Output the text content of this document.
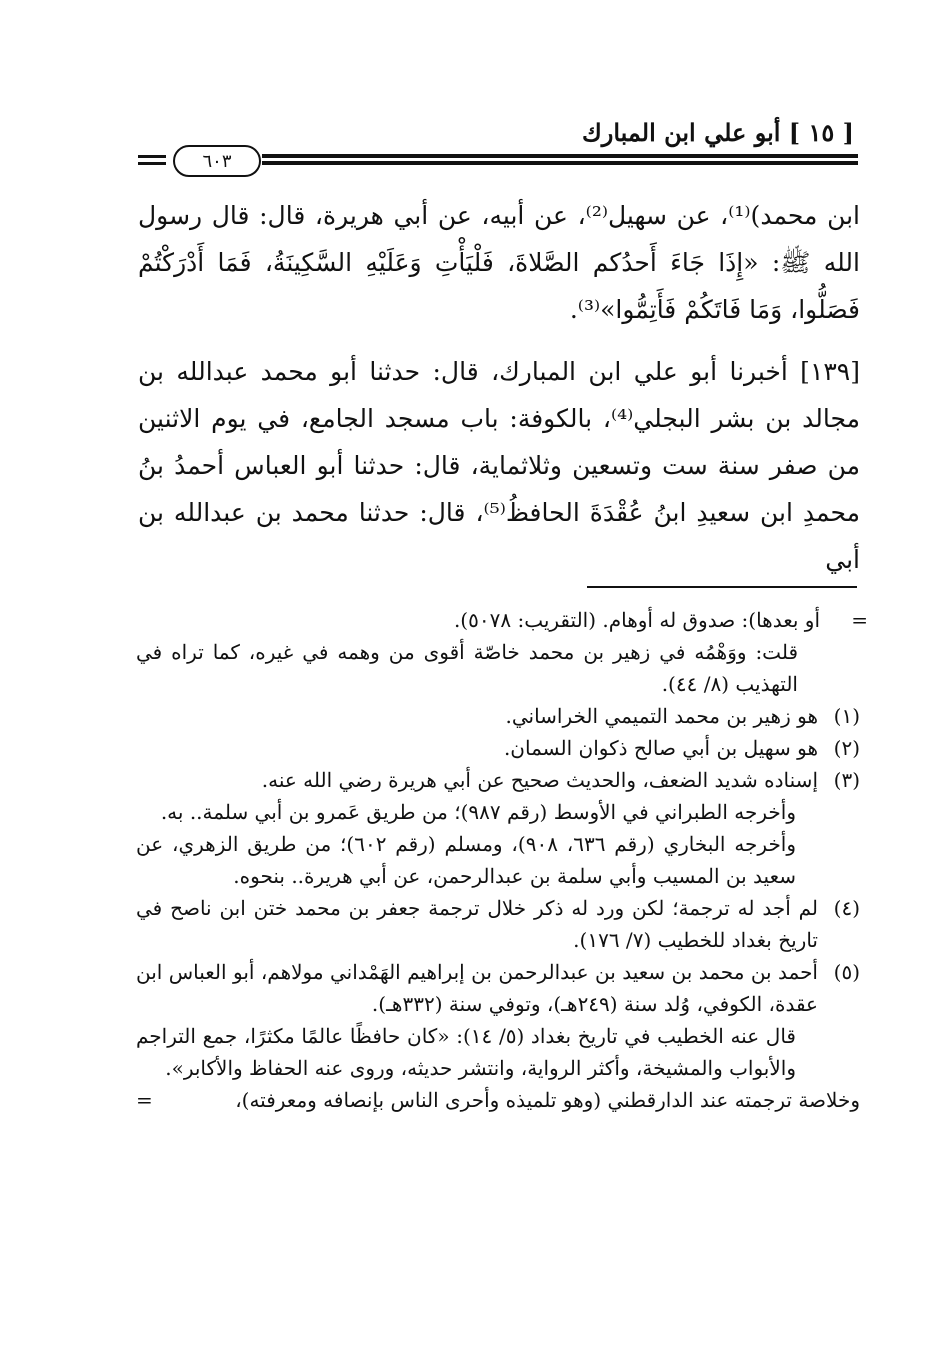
[ ١٥ ] أبو علي ابن المبارك
٦٠٣

ابن محمد)⁽¹⁾، عن سهيل⁽²⁾، عن أبيه، عن أبي هريرة، قال: قال رسول الله ﷺ: «إِذَا جَاءَ أَحدُكم الصَّلاةَ، فَلْيَأْتِ وَعَلَيْهِ السَّكِينَةُ، فَمَا أَدْرَكْتُمْ فَصَلُّوا، وَمَا فَاتَكُمْ فَأَتِمُّوا»⁽³⁾.

[١٣٩] أخبرنا أبو علي ابن المبارك، قال: حدثنا أبو محمد عبدالله بن مجالد بن بشر البجلي⁽⁴⁾، بالكوفة: باب مسجد الجامع، في يوم الاثنين من صفر سنة ست وتسعين وثلاثماية، قال: حدثنا أبو العباس أحمدُ بنُ محمدِ ابن سعيدِ ابنُ عُقْدَةَ الحافظُ⁽⁵⁾، قال: حدثنا محمد بن عبدالله بن أبي

=
أو بعدها): صدوق له أوهام. (التقريب: ٥٠٧٨).
قلت: ووَهْمُه في زهير بن محمد خاصّة أقوى من وهمه في غيره، كما تراه في التهذيب (٨/ ٤٤).
(١)
هو زهير بن محمد التميمي الخراساني.
(٢)
هو سهيل بن أبي صالح ذكوان السمان.
(٣)
إسناده شديد الضعف، والحديث صحيح عن أبي هريرة رضي الله عنه.
وأخرجه الطبراني في الأوسط (رقم ٩٨٧)؛ من طريق عَمرو بن أبي سلمة.. به.
وأخرجه البخاري (رقم ٦٣٦، ٩٠٨)، ومسلم (رقم ٦٠٢)؛ من طريق الزهري، عن سعيد بن المسيب وأبي سلمة بن عبدالرحمن، عن أبي هريرة.. بنحوه.
(٤)
لم أجد له ترجمة؛ لكن ورد له ذكر خلال ترجمة جعفر بن محمد ختن ابن ناصح في تاريخ بغداد للخطيب (٧/ ١٧٦).
(٥)
أحمد بن محمد بن سعيد بن عبدالرحمن بن إبراهيم الهَمْداني مولاهم، أبو العباس ابن عقدة، الكوفي، وُلد سنة (٢٤٩هـ)، وتوفي سنة (٣٣٢هـ).
قال عنه الخطيب في تاريخ بغداد (٥/ ١٤): «كان حافظًا عالمًا مكثرًا، جمع التراجم والأبواب والمشيخة، وأكثر الرواية، وانتشر حديثه، وروى عنه الحفاظ والأكابر».
وخلاصة ترجمته عند الدارقطني (وهو تلميذه وأحرى الناس بإنصافه ومعرفته)،
=
